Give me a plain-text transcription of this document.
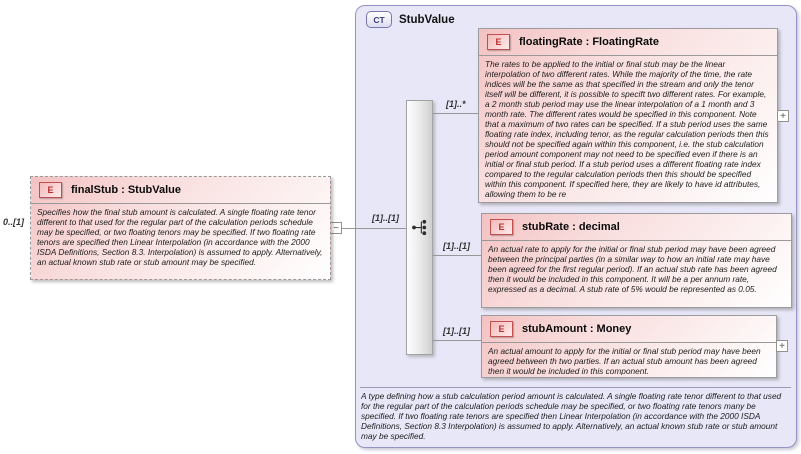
CT	StubValue
A type defining how a stub calculation period amount is calculated. A single floating rate tenor different to that used for the regular part of the calculation periods schedule may be specified, or two floating rate tenors many be specified. If two floating rate tenors are specified then Linear Interpolation (in accordance with the 2000 ISDA Definitions, Section 8.3 Interpolation) is assumed to apply. Alternatively, an actual known stub rate or stub amount may be specified.
0..[1]	[1]..[1]
−
[1]..*
[1]..[1]
[1]..[1]
E	finalStub : StubValue
Specifies how the final stub amount is calculated. A single floating rate tenor different to that used for the regular part of the calculation periods schedule may be specified, or two floating tenors may be specified. If two floating rate tenors are specified then Linear Interpolation (in accordance with the 2000 ISDA Definitions, Section 8.3. Interpolation) is assumed to apply. Alternatively, an actual known stub rate or stub amount may be specified.
E	floatingRate : FloatingRate
The rates to be applied to the initial or final stub may be the linear interpolation of two different rates. While the majority of the time, the rate indices will be the same as that specified in the stream and only the tenor itself will be different, it is possible to specift two different rates. For example, a 2 month stub period may use the linear interpolation of a 1 month and 3 month rate. The different rates would be specified in this component. Note that a maximum of two rates can be specified. If a stub period uses the same floating rate index, including tenor, as the regular calculation periods then this should not be specified again within this component, i.e. the stub calculation period amount component may not need to be specified even if there is an initial or final stub period. If a stub period uses a different floating rate index compared to the regular calculation periods then this should be specified within this component. If specified here, they are likely to have id attributes, allowing them to be re
+
E	stubRate : decimal
An actual rate to apply for the initial or final stub period may have been agreed between the principal parties (in a similar way to how an initial rate may have been agreed for the first regular period). If an actual stub rate has been agreed then it would be included in this component. It will be a per annum rate, expressed as a decimal. A stub rate of 5% would be represented as 0.05.
E	stubAmount : Money
An actual amount to apply for the initial or final stub period may have been agreed between th two parties. If an actual stub amount has been agreed then it would be included in this component.
+
